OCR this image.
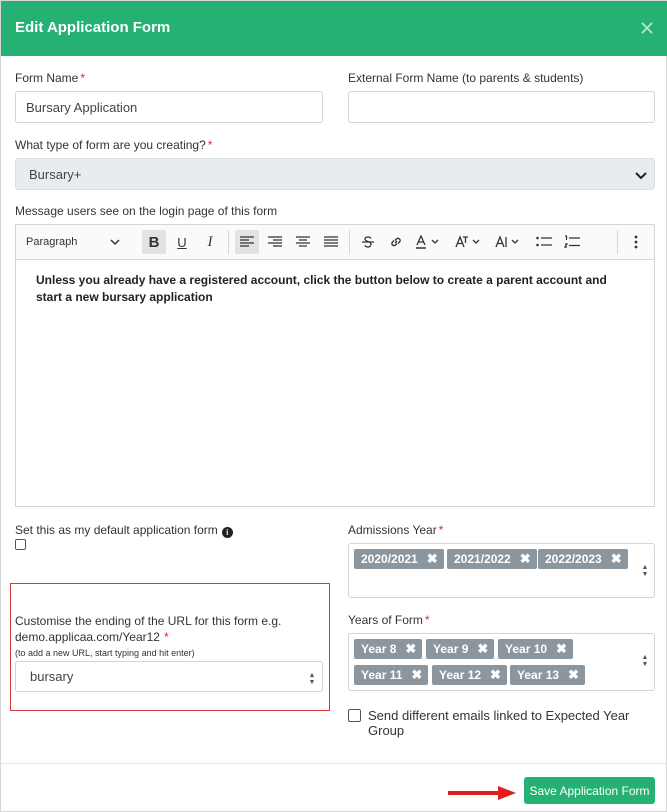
Edit Application Form
Form Name *
Bursary Application
External Form Name (to parents & students)
What type of form are you creating? *
Bursary+
Message users see on the login page of this form
Paragraph	B U I
Unless you already have a registered account, click the button below to create a parent account and start a new bursary application
Set this as my default application form i
Customise the ending of the URL for this form e.g.
demo.applicaa.com/Year12 *
(to add a new URL, start typing and hit enter)
bursary	▲
▼
Admissions Year *
2020/2021 ✖ 2021/2022 ✖ 2022/2023 ✖
▲
▼
Years of Form *
Year 8 ✖ Year 9 ✖ Year 10 ✖
Year 11 ✖ Year 12 ✖ Year 13 ✖
▲
▼
Send different emails linked to Expected Year
Group
Save Application Form
